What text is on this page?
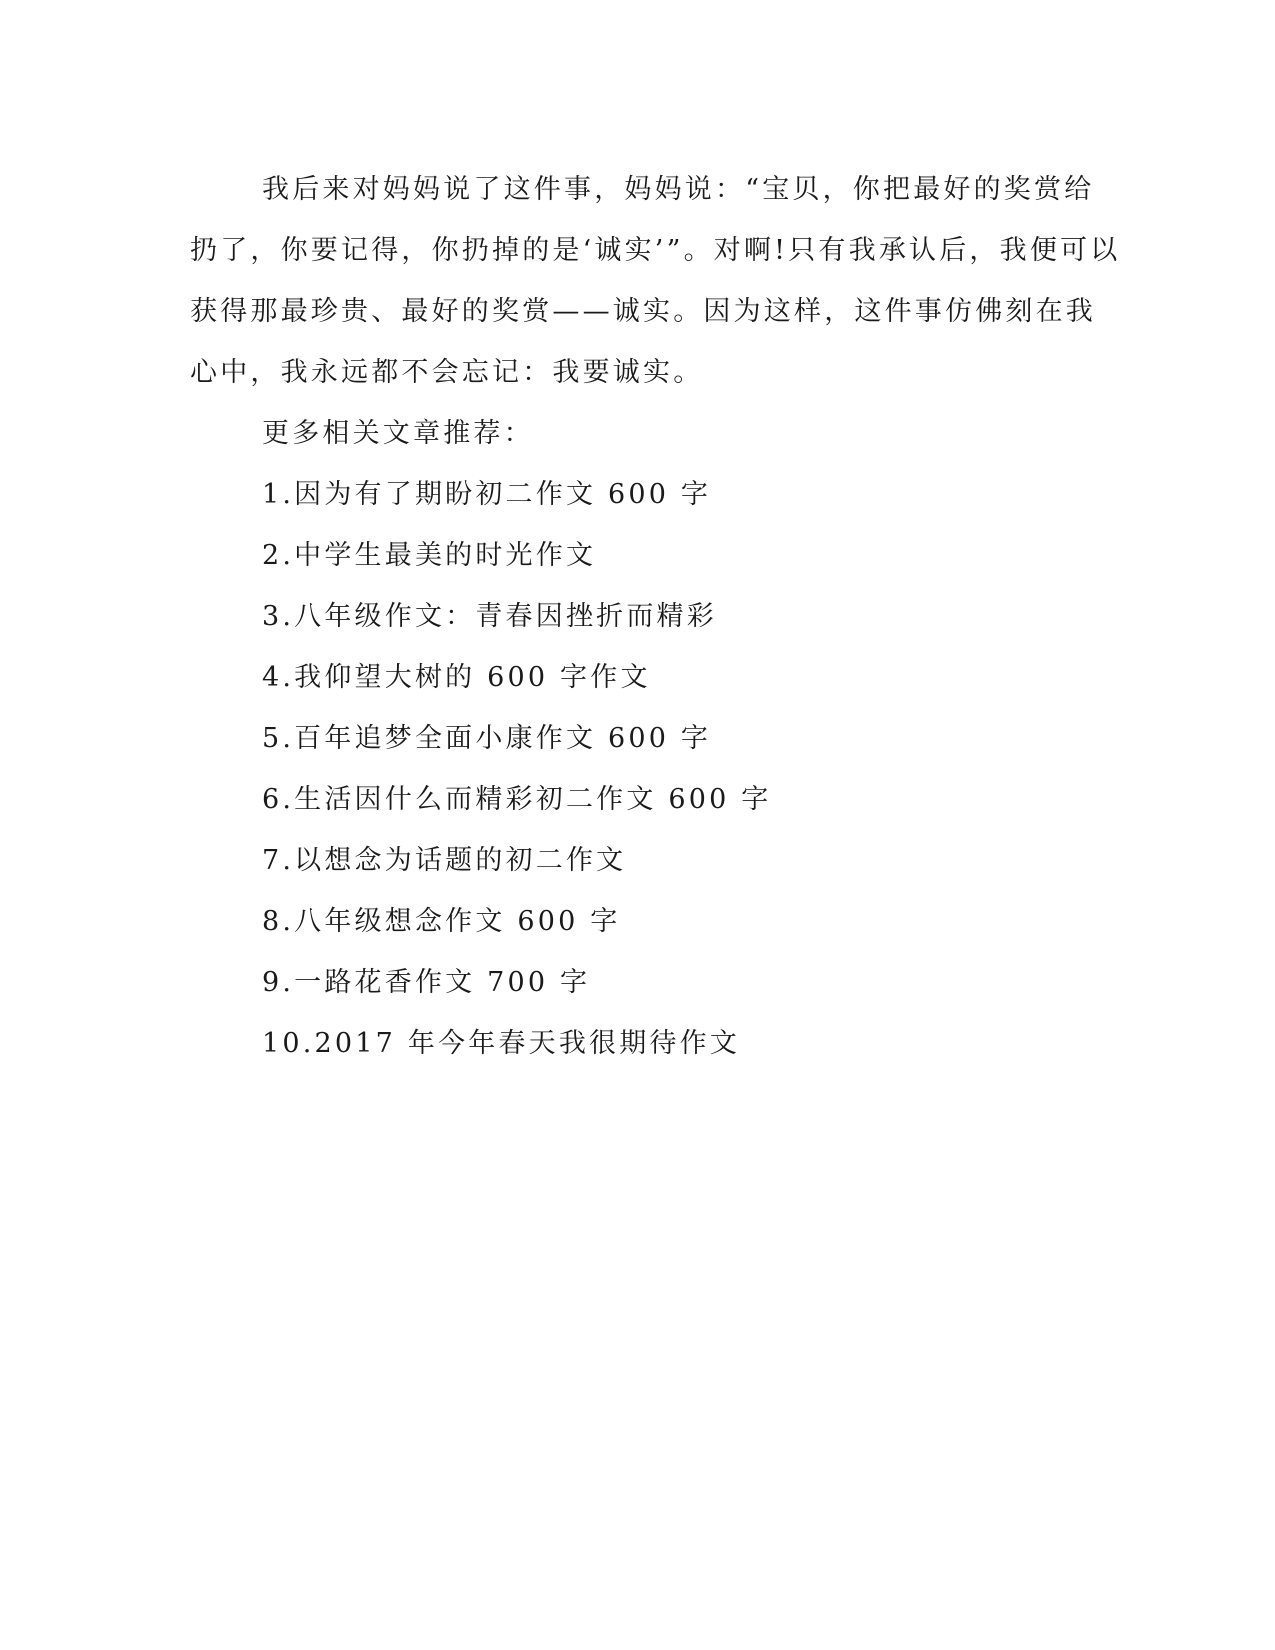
我后来对妈妈说了这件事，妈妈说：“宝贝，你把最好的奖赏给
扔了，你要记得，你扔掉的是‘诚实’”。对啊!只有我承认后，我便可以
获得那最珍贵、最好的奖赏——诚实。因为这样，这件事仿佛刻在我
心中，我永远都不会忘记：我要诚实。
更多相关文章推荐：
1.因为有了期盼初二作文 600 字
2.中学生最美的时光作文
3.八年级作文：青春因挫折而精彩
4.我仰望大树的 600 字作文
5.百年追梦全面小康作文 600 字
6.生活因什么而精彩初二作文 600 字
7.以想念为话题的初二作文
8.八年级想念作文 600 字
9.一路花香作文 700 字
10.2017 年今年春天我很期待作文
